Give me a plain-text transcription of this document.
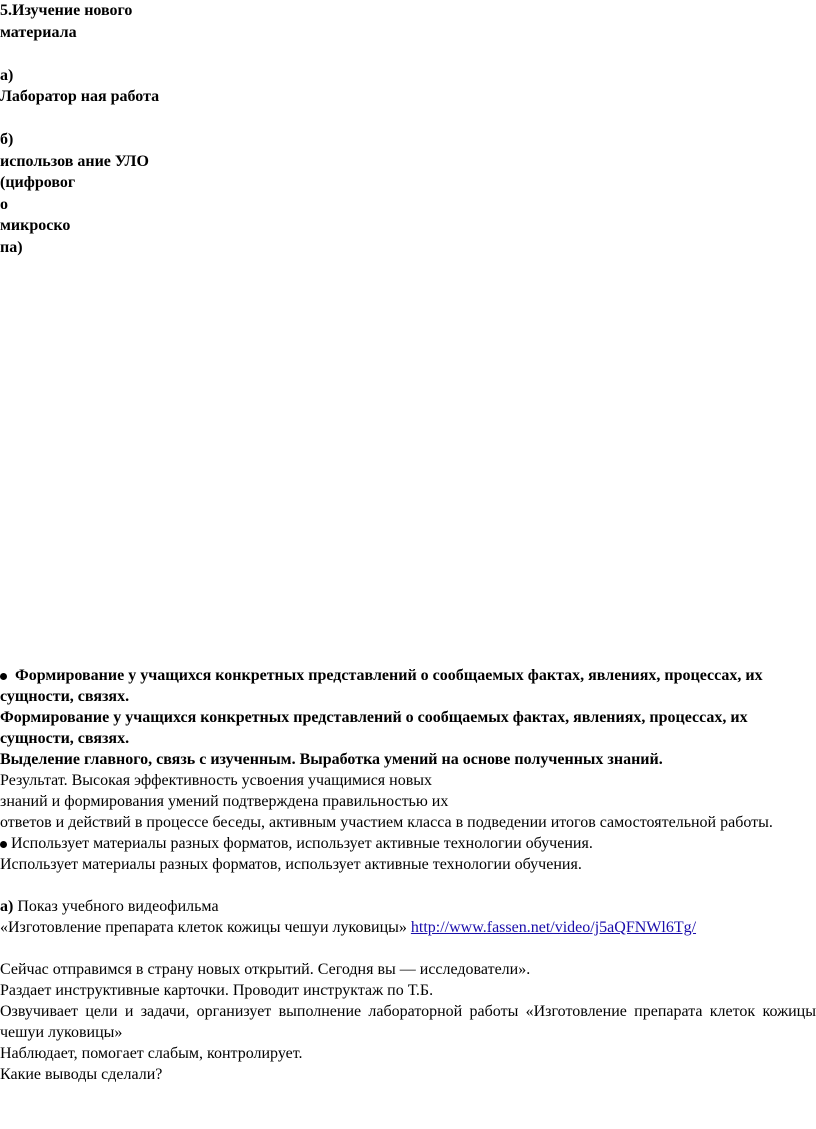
5.Изучение нового
материала
а)
Лаборатор ная работа
б)
использов ание УЛО
(цифровог
о
микроско
па)
Формирование у учащихся конкретных представлений о сообщаемых фактах, явлениях, процессах, их сущности, связях.
Формирование у учащихся конкретных представлений о сообщаемых фактах, явлениях, процессах, их сущности, связях.
Выделение главного, связь с изученным. Выработка умений на основе полученных знаний.
Результат. Высокая эффективность усвоения учащимися новых
знаний и формирования умений подтверждена правильностью их
ответов и действий в процессе беседы, активным участием класса в подведении итогов самостоятельной работы.
Использует материалы разных форматов, использует активные технологии обучения.
Использует материалы разных форматов, использует активные технологии обучения.
а) Показ учебного видеофильма
«Изготовление препарата клеток кожицы чешуи луковицы» http://www.fassen.net/video/j5aQFNWl6Tg/
Сейчас отправимся в страну новых открытий. Сегодня вы — исследователи».
Раздает инструктивные карточки. Проводит инструктаж по Т.Б.
Озвучивает цели и задачи, организует выполнение лабораторной работы «Изготовление препарата клеток кожицы чешуи луковицы»
Наблюдает, помогает слабым, контролирует.
Какие выводы сделали?
